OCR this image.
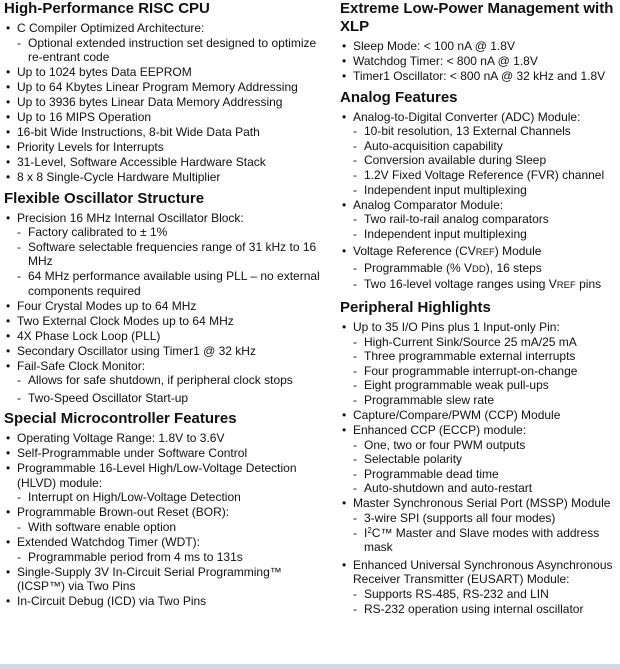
High-Performance RISC CPU
• C Compiler Optimized Architecture:
- Optional extended instruction set designed to optimize re-entrant code
• Up to 1024 bytes Data EEPROM
• Up to 64 Kbytes Linear Program Memory Addressing
• Up to 3936 bytes Linear Data Memory Addressing
• Up to 16 MIPS Operation
• 16-bit Wide Instructions, 8-bit Wide Data Path
• Priority Levels for Interrupts
• 31-Level, Software Accessible Hardware Stack
• 8 x 8 Single-Cycle Hardware Multiplier
Flexible Oscillator Structure
• Precision 16 MHz Internal Oscillator Block:
- Factory calibrated to ± 1%
- Software selectable frequencies range of 31 kHz to 16 MHz
- 64 MHz performance available using PLL – no external components required
• Four Crystal Modes up to 64 MHz
• Two External Clock Modes up to 64 MHz
• 4X Phase Lock Loop (PLL)
• Secondary Oscillator using Timer1 @ 32 kHz
• Fail-Safe Clock Monitor:
- Allows for safe shutdown, if peripheral clock stops
- Two-Speed Oscillator Start-up
Special Microcontroller Features
• Operating Voltage Range: 1.8V to 3.6V
• Self-Programmable under Software Control
• Programmable 16-Level High/Low-Voltage Detection (HLVD) module:
- Interrupt on High/Low-Voltage Detection
• Programmable Brown-out Reset (BOR):
- With software enable option
• Extended Watchdog Timer (WDT):
- Programmable period from 4 ms to 131s
• Single-Supply 3V In-Circuit Serial Programming™ (ICSP™) via Two Pins
• In-Circuit Debug (ICD) via Two Pins
Extreme Low-Power Management with XLP
• Sleep Mode: < 100 nA @ 1.8V
• Watchdog Timer: < 800 nA @ 1.8V
• Timer1 Oscillator: < 800 nA @ 32 kHz and 1.8V
Analog Features
• Analog-to-Digital Converter (ADC) Module:
- 10-bit resolution, 13 External Channels
- Auto-acquisition capability
- Conversion available during Sleep
- 1.2V Fixed Voltage Reference (FVR) channel
- Independent input multiplexing
• Analog Comparator Module:
- Two rail-to-rail analog comparators
- Independent input multiplexing
• Voltage Reference (CVREF) Module
- Programmable (% VDD), 16 steps
- Two 16-level voltage ranges using VREF pins
Peripheral Highlights
• Up to 35 I/O Pins plus 1 Input-only Pin:
- High-Current Sink/Source 25 mA/25 mA
- Three programmable external interrupts
- Four programmable interrupt-on-change
- Eight programmable weak pull-ups
- Programmable slew rate
• Capture/Compare/PWM (CCP) Module
• Enhanced CCP (ECCP) module:
- One, two or four PWM outputs
- Selectable polarity
- Programmable dead time
- Auto-shutdown and auto-restart
• Master Synchronous Serial Port (MSSP) Module
- 3-wire SPI (supports all four modes)
- $I^2C™$ Master and Slave modes with address mask
• Enhanced Universal Synchronous Asynchronous Receiver Transmitter (EUSART) Module:
- Supports RS-485, RS-232 and LIN
- RS-232 operation using internal oscillator
